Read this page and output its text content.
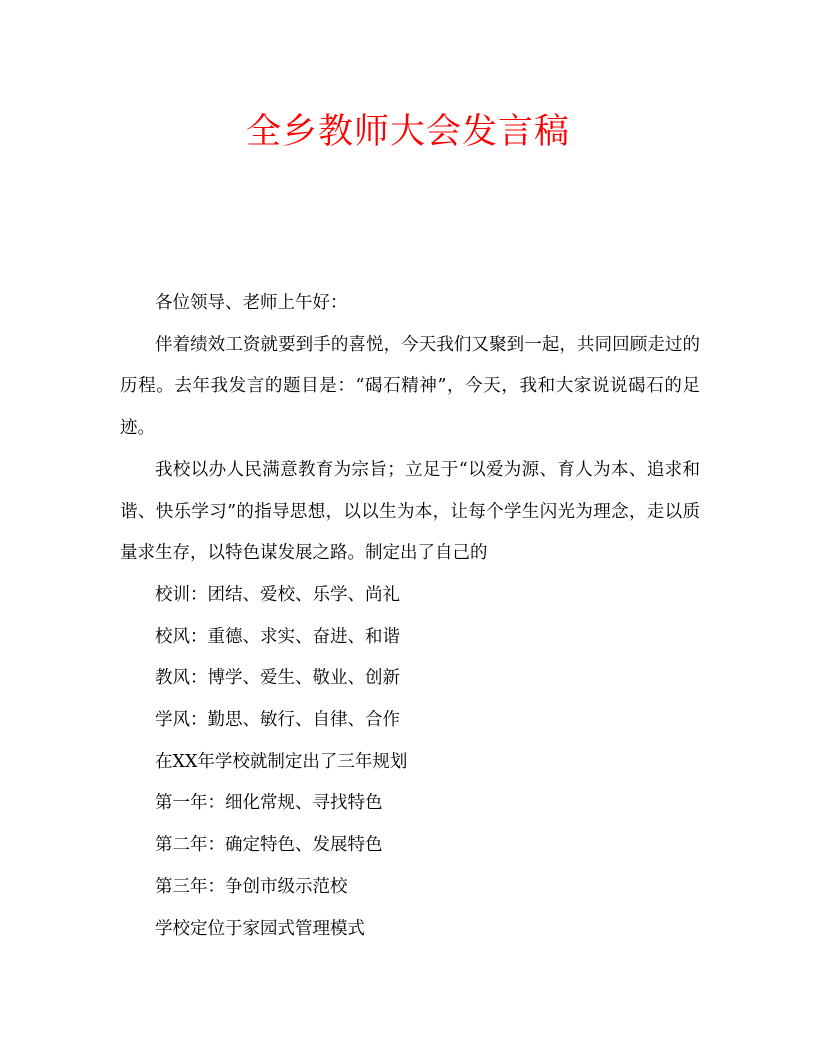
全乡教师大会发言稿

各位领导、老师上午好：

伴着绩效工资就要到手的喜悦，今天我们又聚到一起，共同回顾走过的历程。去年我发言的题目是：“碣石精神”，今天，我和大家说说碣石的足迹。

我校以办人民满意教育为宗旨；立足于“以爱为源、育人为本、追求和谐、快乐学习”的指导思想，以以生为本，让每个学生闪光为理念，走以质量求生存，以特色谋发展之路。制定出了自己的

校训：团结、爱校、乐学、尚礼

校风：重德、求实、奋进、和谐

教风：博学、爱生、敬业、创新

学风：勤思、敏行、自律、合作

在XX年学校就制定出了三年规划

第一年：细化常规、寻找特色

第二年：确定特色、发展特色

第三年：争创市级示范校

学校定位于家园式管理模式
